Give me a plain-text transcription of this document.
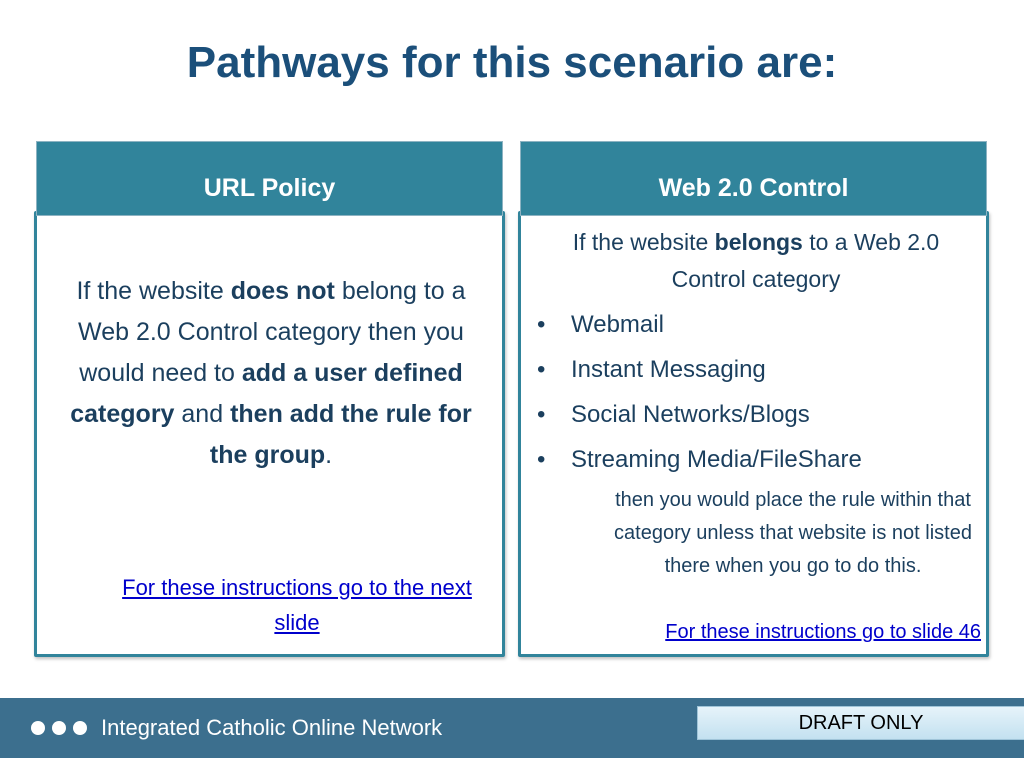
Pathways for this scenario are:
If the website does not belong to a Web 2.0 Control category then you would need to add a user defined category and then add the rule for the group.
For these instructions go to the next slide
URL Policy
If the website belongs to a Web 2.0 Control category
• Webmail
• Instant Messaging
• Social Networks/Blogs
• Streaming Media/FileShare
then you would place the rule within that category unless that website is not listed there when you go to do this.
For these instructions go to slide 46
Web 2.0 Control
Integrated Catholic Online Network	DRAFT ONLY
